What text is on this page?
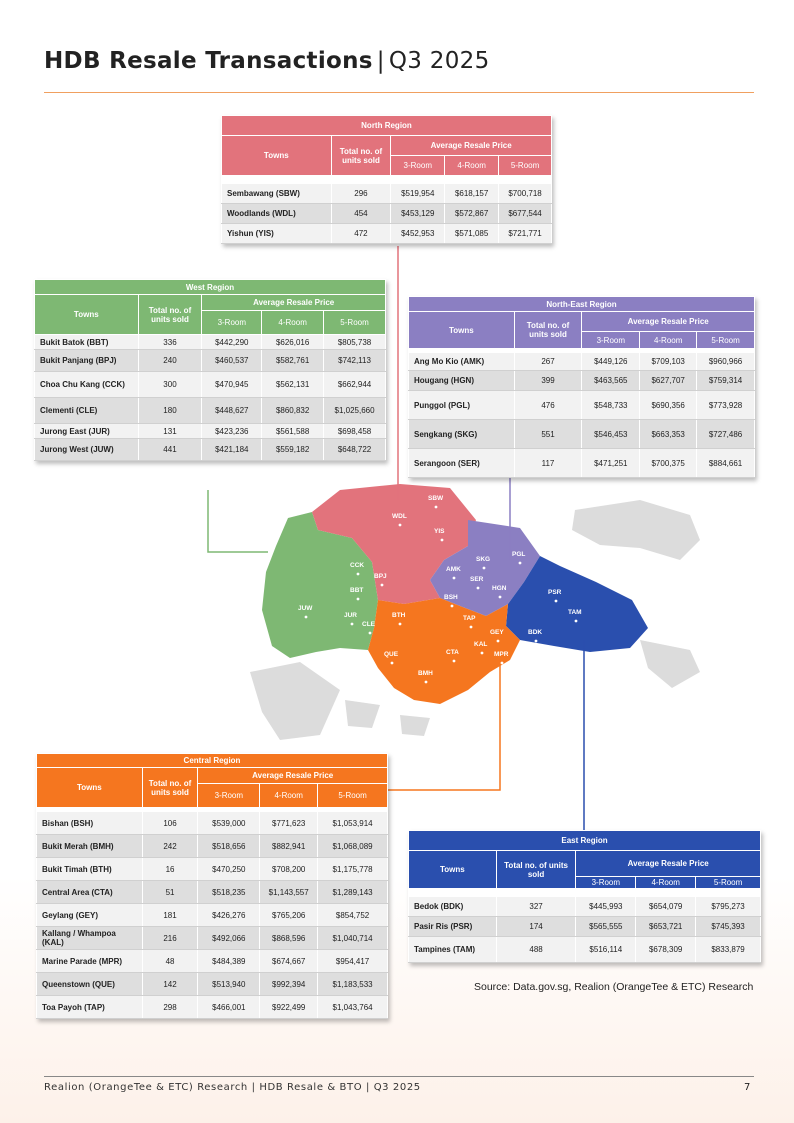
HDB Resale Transactions | Q3 2025
SBW
WDL
YIS
SKG
PGL
AMK
SER
HGN
CCK
BPJ
BBT
BSH
PSR
TAM
JUW
JUR	BTH	TAP
CLE
GEY	BDK
QUE	CTA
KAL
MPR
BMH
North Region				
Towns	Total no. of units sold	Average Resale Price		
		3-Room	4-Room	5-Room

Sembawang (SBW)	296	$519,954	$618,157	$700,718
Woodlands (WDL)	454	$453,129	$572,867	$677,544
Yishun (YIS)	472	$452,953	$571,085	$721,771
West Region				
Towns	Total no. of units sold	Average Resale Price		
		3-Room	4-Room	5-Room
Bukit Batok (BBT)	336	$442,290	$626,016	$805,738
Bukit Panjang (BPJ)	240	$460,537	$582,761	$742,113
Choa Chu Kang (CCK)	300	$470,945	$562,131	$662,944
Clementi (CLE)	180	$448,627	$860,832	$1,025,660
Jurong East (JUR)	131	$423,236	$561,588	$698,458
Jurong West (JUW)	441	$421,184	$559,182	$648,722
North-East Region				
Towns	Total no. of units sold	Average Resale Price		
		3-Room	4-Room	5-Room

Ang Mo Kio (AMK)	267	$449,126	$709,103	$960,966
Hougang (HGN)	399	$463,565	$627,707	$759,314
Punggol (PGL)	476	$548,733	$690,356	$773,928
Sengkang (SKG)	551	$546,453	$663,353	$727,486
Serangoon (SER)	117	$471,251	$700,375	$884,661
Central Region				
Towns	Total no. of units sold	Average Resale Price		
		3-Room	4-Room	5-Room

Bishan (BSH)	106	$539,000	$771,623	$1,053,914
Bukit Merah (BMH)	242	$518,656	$882,941	$1,068,089
Bukit Timah (BTH)	16	$470,250	$708,200	$1,175,778
Central Area (CTA)	51	$518,235	$1,143,557	$1,289,143
Geylang (GEY)	181	$426,276	$765,206	$854,752
Kallang / Whampoa (KAL)	216	$492,066	$868,596	$1,040,714
Marine Parade (MPR)	48	$484,389	$674,667	$954,417
Queenstown (QUE)	142	$513,940	$992,394	$1,183,533
Toa Payoh (TAP)	298	$466,001	$922,499	$1,043,764
East Region				
Towns	Total no. of units sold	Average Resale Price		
		3-Room	4-Room	5-Room

Bedok (BDK)	327	$445,993	$654,079	$795,273
Pasir Ris (PSR)	174	$565,555	$653,721	$745,393
Tampines (TAM)	488	$516,114	$678,309	$833,879
Source: Data.gov.sg, Realion (OrangeTee & ETC) Research
Realion (OrangeTee & ETC) Research | HDB Resale & BTO | Q3 2025	7
